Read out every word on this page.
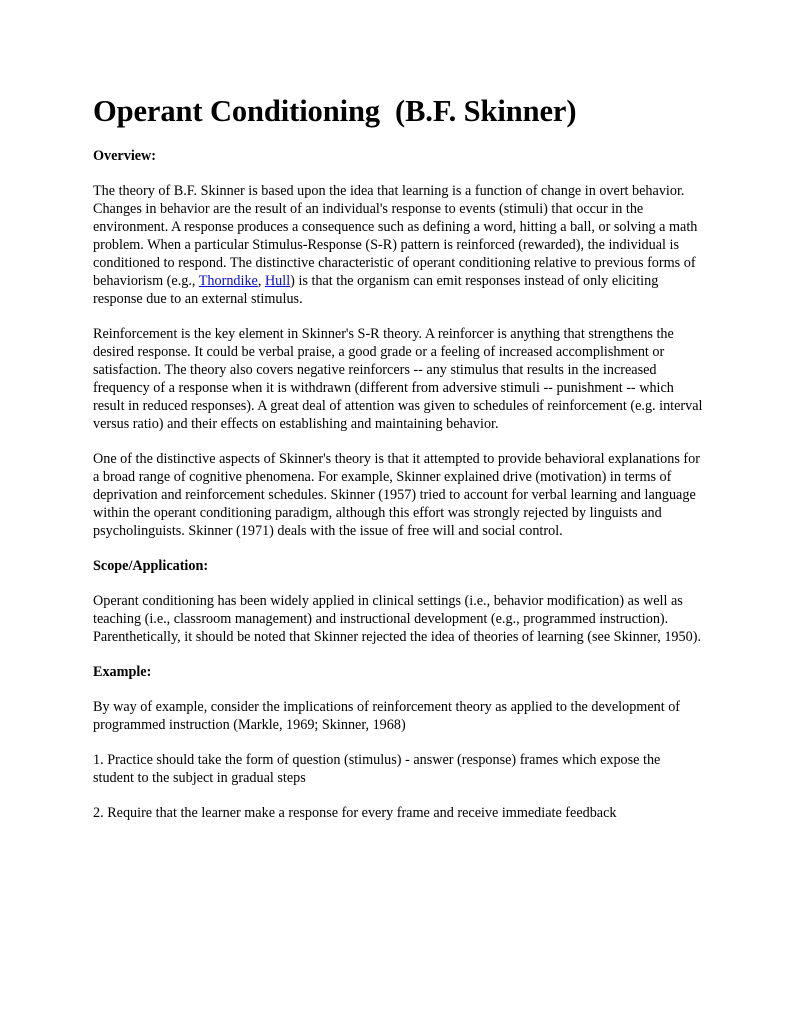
Operant Conditioning  (B.F. Skinner)
Overview:

The theory of B.F. Skinner is based upon the idea that learning is a function of change in overt behavior. Changes in behavior are the result of an individual's response to events (stimuli) that occur in the environment. A response produces a consequence such as defining a word, hitting a ball, or solving a math problem. When a particular Stimulus-Response (S-R) pattern is reinforced (rewarded), the individual is conditioned to respond. The distinctive characteristic of operant conditioning relative to previous forms of behaviorism (e.g., Thorndike, Hull) is that the organism can emit responses instead of only eliciting response due to an external stimulus.

Reinforcement is the key element in Skinner's S-R theory. A reinforcer is anything that strengthens the desired response. It could be verbal praise, a good grade or a feeling of increased accomplishment or satisfaction. The theory also covers negative reinforcers -- any stimulus that results in the increased frequency of a response when it is withdrawn (different from adversive stimuli -- punishment -- which result in reduced responses). A great deal of attention was given to schedules of reinforcement (e.g. interval versus ratio) and their effects on establishing and maintaining behavior.

One of the distinctive aspects of Skinner's theory is that it attempted to provide behavioral explanations for a broad range of cognitive phenomena. For example, Skinner explained drive (motivation) in terms of deprivation and reinforcement schedules. Skinner (1957) tried to account for verbal learning and language within the operant conditioning paradigm, although this effort was strongly rejected by linguists and psycholinguists. Skinner (1971) deals with the issue of free will and social control.

Scope/Application:

Operant conditioning has been widely applied in clinical settings (i.e., behavior modification) as well as teaching (i.e., classroom management) and instructional development (e.g., programmed instruction). Parenthetically, it should be noted that Skinner rejected the idea of theories of learning (see Skinner, 1950).

Example:

By way of example, consider the implications of reinforcement theory as applied to the development of programmed instruction (Markle, 1969; Skinner, 1968)

1. Practice should take the form of question (stimulus) - answer (response) frames which expose the student to the subject in gradual steps

2. Require that the learner make a response for every frame and receive immediate feedback
